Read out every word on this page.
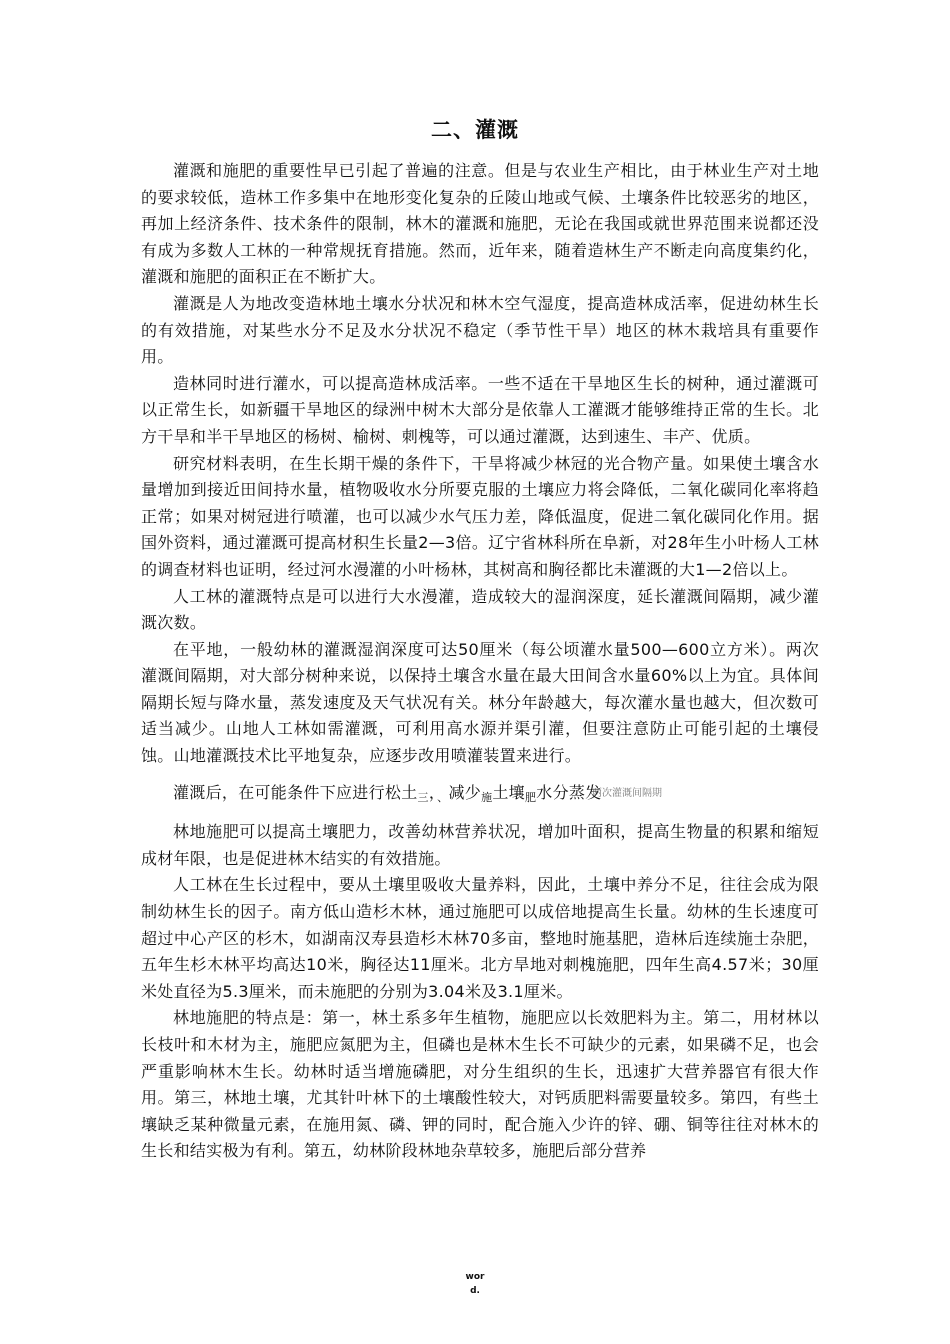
二、灌溉

灌溉和施肥的重要性早已引起了普遍的注意。但是与农业生产相比，由于林业生产对土地的要求较低，造林工作多集中在地形变化复杂的丘陵山地或气候、土壤条件比较恶劣的地区，再加上经济条件、技术条件的限制，林木的灌溉和施肥，无论在我国或就世界范围来说都还没有成为多数人工林的一种常规抚育措施。然而，近年来，随着造林生产不断走向高度集约化，灌溉和施肥的面积正在不断扩大。

灌溉是人为地改变造林地土壤水分状况和林木空气湿度，提高造林成活率，促进幼林生长的有效措施，对某些水分不足及水分状况不稳定（季节性干旱）地区的林木栽培具有重要作用。

造林同时进行灌水，可以提高造林成活率。一些不适在干旱地区生长的树种，通过灌溉可以正常生长，如新疆干旱地区的绿洲中树木大部分是依靠人工灌溉才能够维持正常的生长。北方干旱和半干旱地区的杨树、榆树、刺槐等，可以通过灌溉，达到速生、丰产、优质。

研究材料表明，在生长期干燥的条件下，干旱将减少林冠的光合物产量。如果使土壤含水量增加到接近田间持水量，植物吸收水分所要克服的土壤应力将会降低，二氧化碳同化率将趋正常；如果对树冠进行喷灌，也可以减少水气压力差，降低温度，促进二氧化碳同化作用。据国外资料，通过灌溉可提高材积生长量2—3倍。辽宁省林科所在阜新，对28年生小叶杨人工林的调查材料也证明，经过河水漫灌的小叶杨林，其树高和胸径都比未灌溉的大1—2倍以上。

人工林的灌溉特点是可以进行大水漫灌，造成较大的湿润深度，延长灌溉间隔期，减少灌溉次数。

在平地，一般幼林的灌溉湿润深度可达50厘米（每公顷灌水量500—600立方米）。两次灌溉间隔期，对大部分树种来说，以保持土壤含水量在最大田间含水量60%以上为宜。具体间隔期长短与降水量，蒸发速度及天气状况有关。林分年龄越大，每次灌水量也越大，但次数可适当减少。山地人工林如需灌溉，可利用高水源并渠引灌，但要注意防止可能引起的土壤侵蚀。山地灌溉技术比平地复杂，应逐步改用喷灌装置来进行。

灌溉后，在可能条件下应进行松土$_三$，$_、$减少$_施$土壤$_肥$水分蒸发

林地施肥可以提高土壤肥力，改善幼林营养状况，增加叶面积，提高生物量的积累和缩短成材年限，也是促进林木结实的有效措施。

人工林在生长过程中，要从土壤里吸收大量养料，因此，土壤中养分不足，往往会成为限制幼林生长的因子。南方低山造杉木林，通过施肥可以成倍地提高生长量。幼林的生长速度可超过中心产区的杉木，如湖南汉寿县造杉木林70多亩，整地时施基肥，造林后连续施士杂肥，五年生杉木林平均高达10米，胸径达11厘米。北方旱地对刺槐施肥，四年生高4.57米；30厘米处直径为5.3厘米，而未施肥的分别为3.04米及3.1厘米。

林地施肥的特点是：第一，林土系多年生植物，施肥应以长效肥料为主。第二，用材林以长枝叶和木材为主，施肥应氮肥为主，但磷也是林木生长不可缺少的元素，如果磷不足，也会严重影响林木生长。幼林时适当增施磷肥，对分生组织的生长，迅速扩大营养器官有很大作用。第三，林地土壤，尤其针叶林下的土壤酸性较大，对钙质肥料需要量较多。第四，有些土壤缺乏某种微量元素，在施用氮、磷、钾的同时，配合施入少许的锌、硼、铜等往往对林木的生长和结实极为有利。第五，幼林阶段林地杂草较多，施肥后部分营养

两次灌溉间隔期
wor
d.
